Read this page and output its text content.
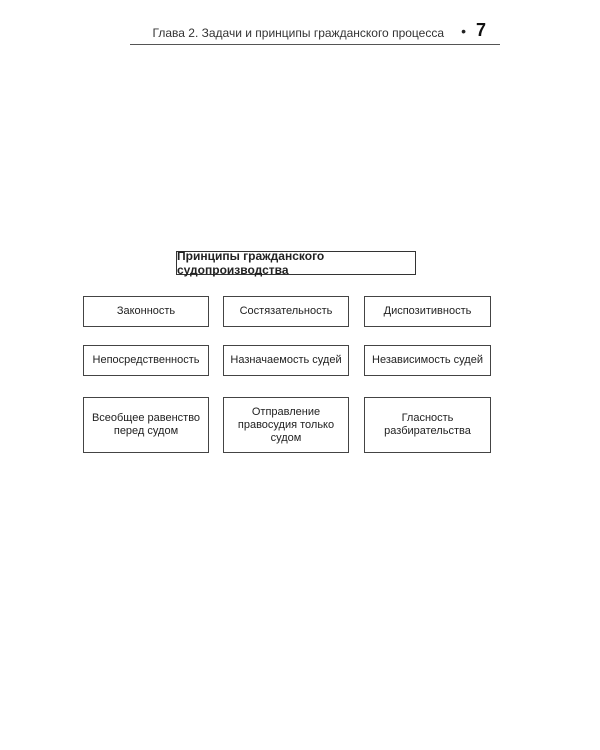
Глава 2. Задачи и принципы гражданского процесса • 7
Принципы гражданского судопроизводства
Законность	Состязательность	Диспозитивность
Непосредственность	Назначаемость судей	Независимость судей
Всеобщее равенство
перед судом
Отправление
правосудия только
судом
Гласность
разбирательства
